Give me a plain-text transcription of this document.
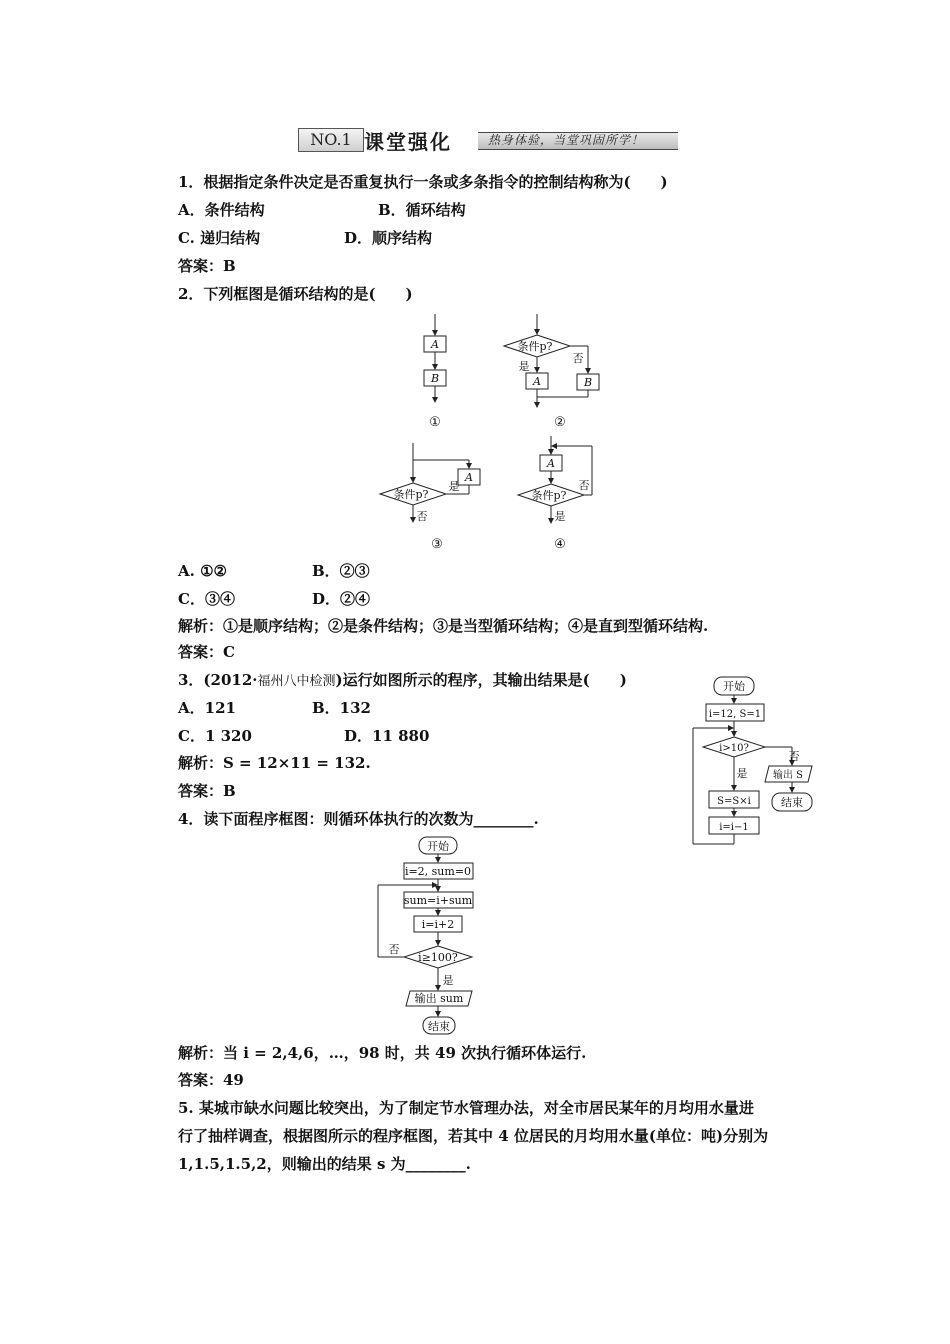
NO.1 课堂强化	热身体验，当堂巩固所学！
1．根据指定条件决定是否重复执行一条或多条指令的控制结构称为(　　)
A．条件结构	B．循环结构
C. 递归结构	D．顺序结构
答案：B
2．下列框图是循环结构的是(　　)
A
B
①
条件p?
是
否
A	B
②
A
条件p?
是
否
③
A
条件p?
否
是
④
A. ①②	B．②③
C．③④	D．②④
解析：①是顺序结构；②是条件结构；③是当型循环结构；④是直到型循环结构.
答案：C
3．(2012·福州八中检测)运行如图所示的程序，其输出结果是(　　)
A．121	B．132
C．1 320	D．11 880
解析：S = 12×11 = 132.
答案：B
开始
i=12, S=1
i>10?
否
输出 S
结束
是
S=S×i
i=i−1
4．读下面程序框图：则循环体执行的次数为________.
开始
i=2, sum=0
sum=i+sum
i=i+2
i≥100?
否
是
输出 sum
结束
解析：当 i = 2,4,6，…，98 时，共 49 次执行循环体运行.
答案：49
5. 某城市缺水问题比较突出，为了制定节水管理办法，对全市居民某年的月均用水量进
行了抽样调查，根据图所示的程序框图，若其中 4 位居民的月均用水量(单位：吨)分别为
1,1.5,1.5,2，则输出的结果 s 为________.
